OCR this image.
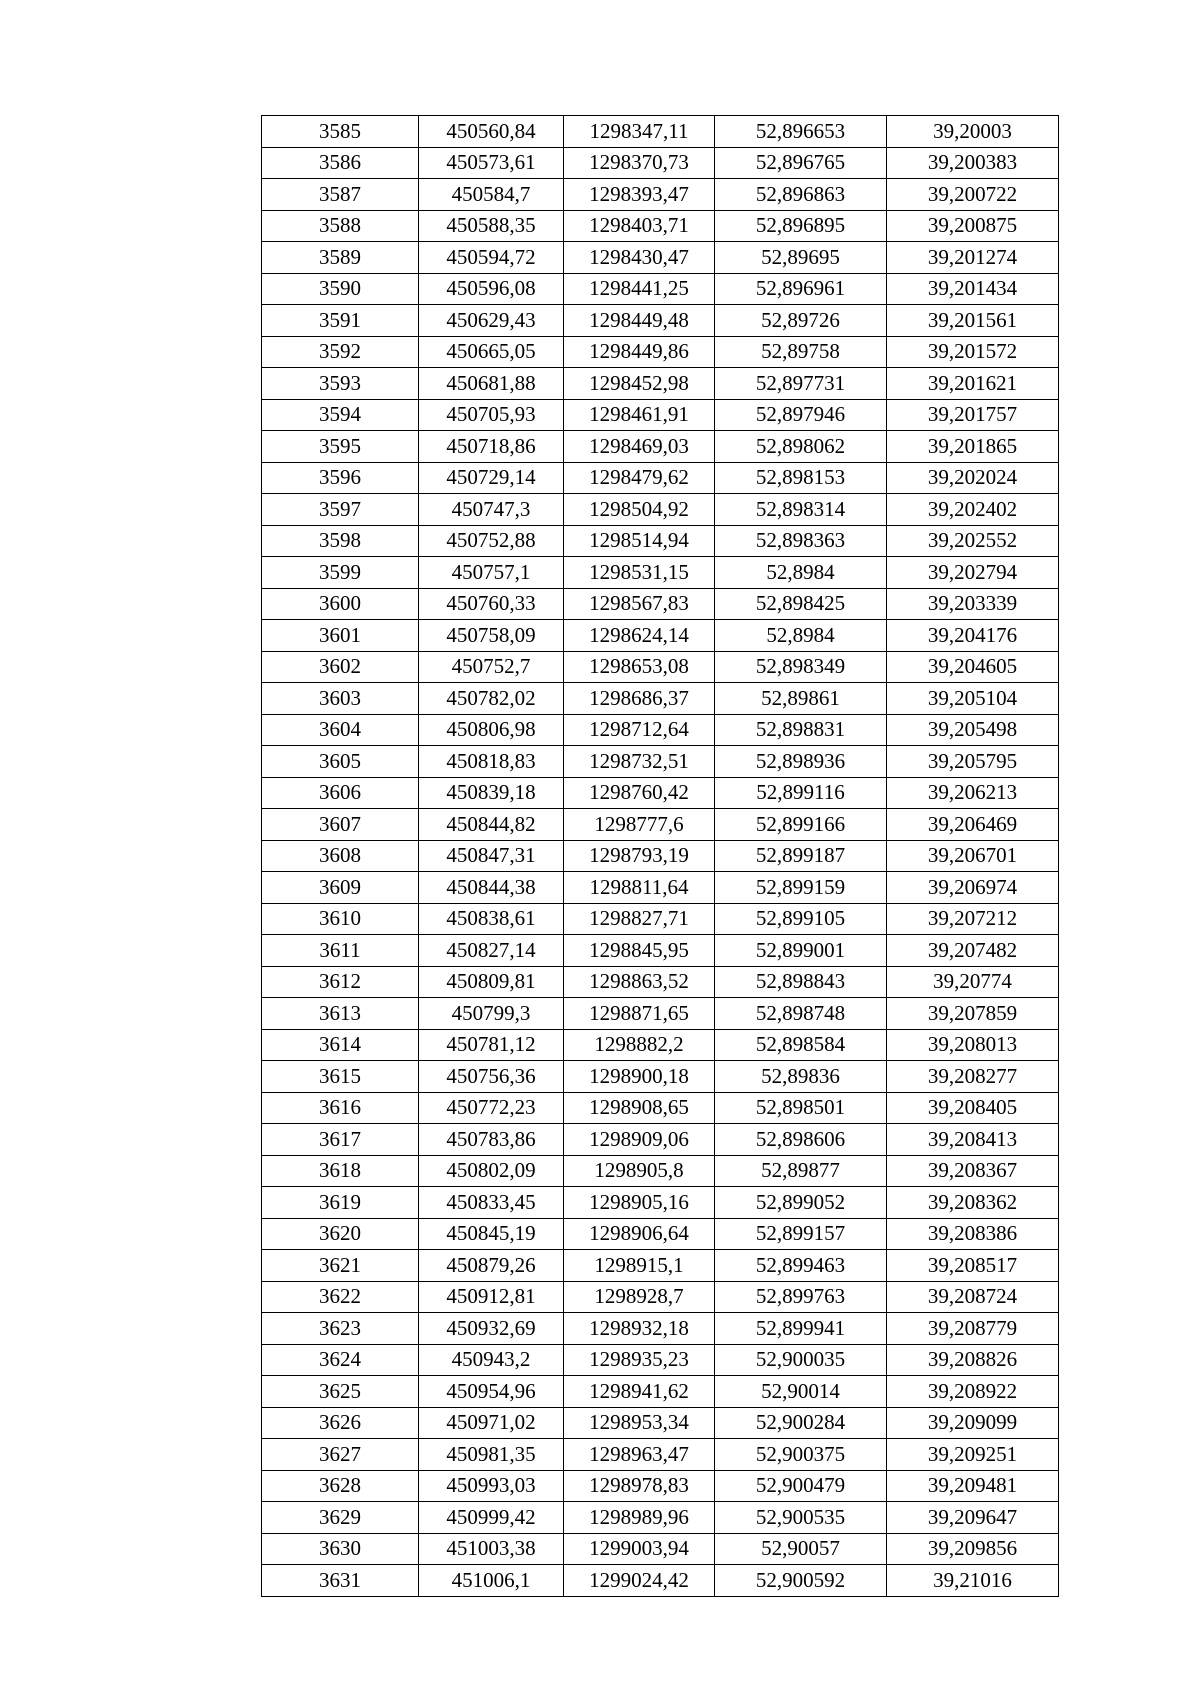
3585	450560,84	1298347,11	52,896653	39,20003
3586	450573,61	1298370,73	52,896765	39,200383
3587	450584,7	1298393,47	52,896863	39,200722
3588	450588,35	1298403,71	52,896895	39,200875
3589	450594,72	1298430,47	52,89695	39,201274
3590	450596,08	1298441,25	52,896961	39,201434
3591	450629,43	1298449,48	52,89726	39,201561
3592	450665,05	1298449,86	52,89758	39,201572
3593	450681,88	1298452,98	52,897731	39,201621
3594	450705,93	1298461,91	52,897946	39,201757
3595	450718,86	1298469,03	52,898062	39,201865
3596	450729,14	1298479,62	52,898153	39,202024
3597	450747,3	1298504,92	52,898314	39,202402
3598	450752,88	1298514,94	52,898363	39,202552
3599	450757,1	1298531,15	52,8984	39,202794
3600	450760,33	1298567,83	52,898425	39,203339
3601	450758,09	1298624,14	52,8984	39,204176
3602	450752,7	1298653,08	52,898349	39,204605
3603	450782,02	1298686,37	52,89861	39,205104
3604	450806,98	1298712,64	52,898831	39,205498
3605	450818,83	1298732,51	52,898936	39,205795
3606	450839,18	1298760,42	52,899116	39,206213
3607	450844,82	1298777,6	52,899166	39,206469
3608	450847,31	1298793,19	52,899187	39,206701
3609	450844,38	1298811,64	52,899159	39,206974
3610	450838,61	1298827,71	52,899105	39,207212
3611	450827,14	1298845,95	52,899001	39,207482
3612	450809,81	1298863,52	52,898843	39,20774
3613	450799,3	1298871,65	52,898748	39,207859
3614	450781,12	1298882,2	52,898584	39,208013
3615	450756,36	1298900,18	52,89836	39,208277
3616	450772,23	1298908,65	52,898501	39,208405
3617	450783,86	1298909,06	52,898606	39,208413
3618	450802,09	1298905,8	52,89877	39,208367
3619	450833,45	1298905,16	52,899052	39,208362
3620	450845,19	1298906,64	52,899157	39,208386
3621	450879,26	1298915,1	52,899463	39,208517
3622	450912,81	1298928,7	52,899763	39,208724
3623	450932,69	1298932,18	52,899941	39,208779
3624	450943,2	1298935,23	52,900035	39,208826
3625	450954,96	1298941,62	52,90014	39,208922
3626	450971,02	1298953,34	52,900284	39,209099
3627	450981,35	1298963,47	52,900375	39,209251
3628	450993,03	1298978,83	52,900479	39,209481
3629	450999,42	1298989,96	52,900535	39,209647
3630	451003,38	1299003,94	52,90057	39,209856
3631	451006,1	1299024,42	52,900592	39,21016
